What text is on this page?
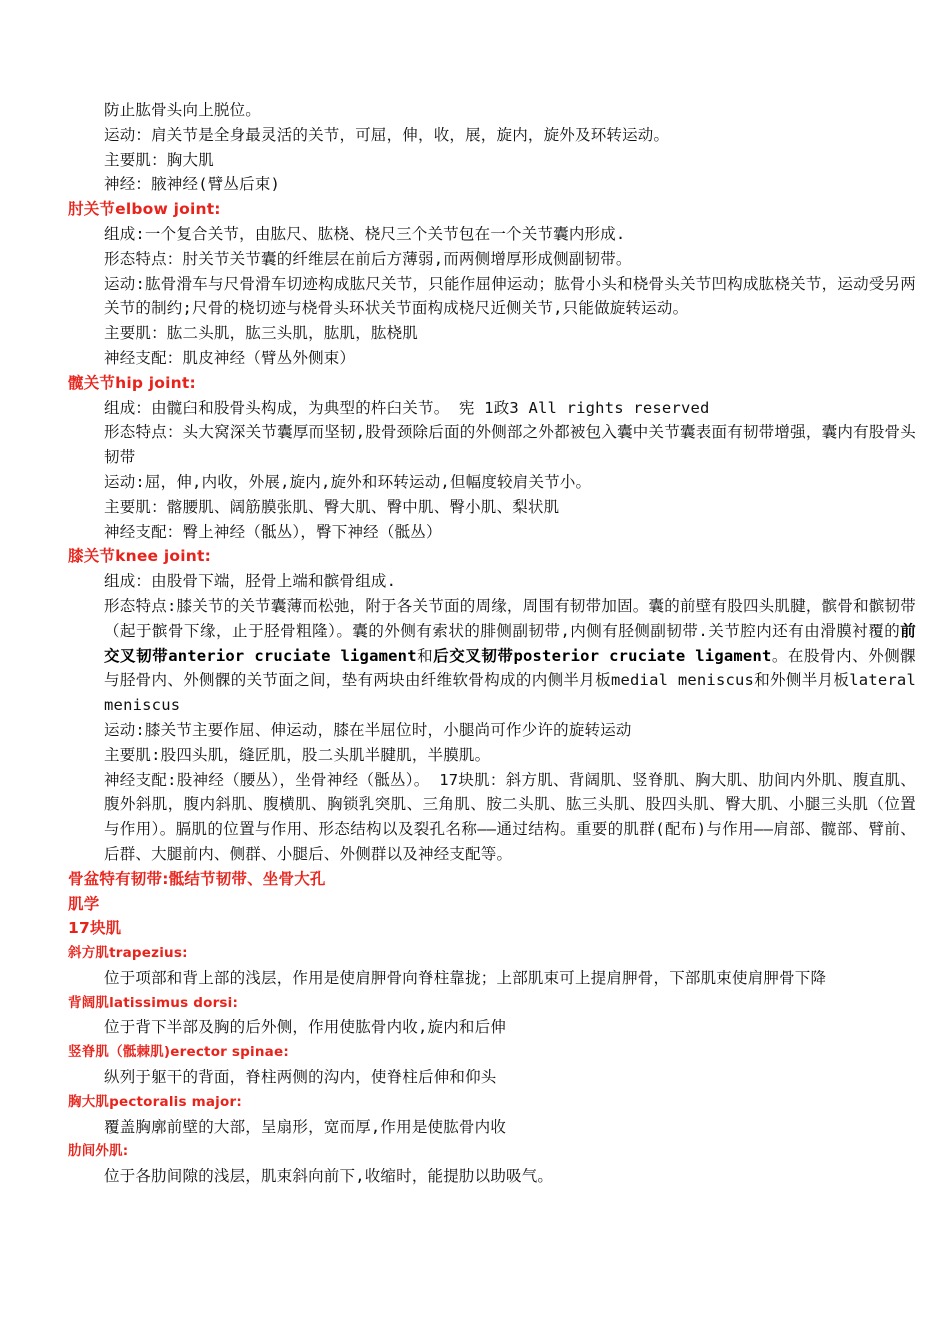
防止肱骨头向上脱位。

运动：肩关节是全身最灵活的关节，可屈，伸，收，展，旋内，旋外及环转运动。

主要肌：胸大肌

神经：腋神经(臂丛后束)

肘关节elbow joint:

组成:一个复合关节，由肱尺、肱桡、桡尺三个关节包在一个关节囊内形成.

形态特点：肘关节关节囊的纤维层在前后方薄弱,而两侧增厚形成侧副韧带。

运动:肱骨滑车与尺骨滑车切迹构成肱尺关节，只能作屈伸运动；肱骨小头和桡骨头关节凹构成肱桡关节，运动受另两关节的制约;尺骨的桡切迹与桡骨头环状关节面构成桡尺近侧关节,只能做旋转运动。

主要肌：肱二头肌，肱三头肌，肱肌，肱桡肌

神经支配：肌皮神经（臂丛外侧束）

髋关节hip joint:

组成：由髋臼和股骨头构成，为典型的杵臼关节。 宪 1政3 All rights reserved

形态特点：头大窝深关节囊厚而坚韧,股骨颈除后面的外侧部之外都被包入囊中关节囊表面有韧带增强，囊内有股骨头韧带

运动:屈，伸,内收，外展,旋内,旋外和环转运动,但幅度较肩关节小。

主要肌：髂腰肌、阔筋膜张肌、臀大肌、臀中肌、臀小肌、梨状肌

神经支配：臀上神经（骶丛），臀下神经（骶丛）

膝关节knee joint:

组成：由股骨下端，胫骨上端和髌骨组成.

形态特点:膝关节的关节囊薄而松弛，附于各关节面的周缘，周围有韧带加固。囊的前壁有股四头肌腱，髌骨和髌韧带（起于髌骨下缘，止于胫骨粗隆）。囊的外侧有索状的腓侧副韧带,内侧有胫侧副韧带.关节腔内还有由滑膜衬覆的前交叉韧带anterior cruciate ligament和后交叉韧带posterior cruciate ligament。在股骨内、外侧髁与胫骨内、外侧髁的关节面之间，垫有两块由纤维软骨构成的内侧半月板medial meniscus和外侧半月板lateral meniscus

运动:膝关节主要作屈、伸运动，膝在半屈位时，小腿尚可作少许的旋转运动

主要肌:股四头肌，缝匠肌，股二头肌半腱肌，半膜肌。

神经支配:股神经（腰丛），坐骨神经（骶丛）。 17块肌：斜方肌、背阔肌、竖脊肌、胸大肌、肋间内外肌、腹直肌、腹外斜肌，腹内斜肌、腹横肌、胸锁乳突肌、三角肌、胺二头肌、肱三头肌、股四头肌、臀大肌、小腿三头肌（位置与作用）。膈肌的位置与作用、形态结构以及裂孔名称——通过结构。重要的肌群(配布)与作用——肩部、髋部、臂前、后群、大腿前内、侧群、小腿后、外侧群以及神经支配等。

骨盆特有韧带:骶结节韧带、坐骨大孔

肌学

17块肌

斜方肌trapezius:

位于项部和背上部的浅层，作用是使肩胛骨向脊柱靠拢；上部肌束可上提肩胛骨，下部肌束使肩胛骨下降

背阔肌latissimus dorsi:

位于背下半部及胸的后外侧，作用使肱骨内收,旋内和后伸

竖脊肌（骶棘肌)erector spinae:

纵列于躯干的背面，脊柱两侧的沟内，使脊柱后伸和仰头

胸大肌pectoralis major:

覆盖胸廓前壁的大部，呈扇形，宽而厚,作用是使肱骨内收

肋间外肌:

位于各肋间隙的浅层，肌束斜向前下,收缩时，能提肋以助吸气。
